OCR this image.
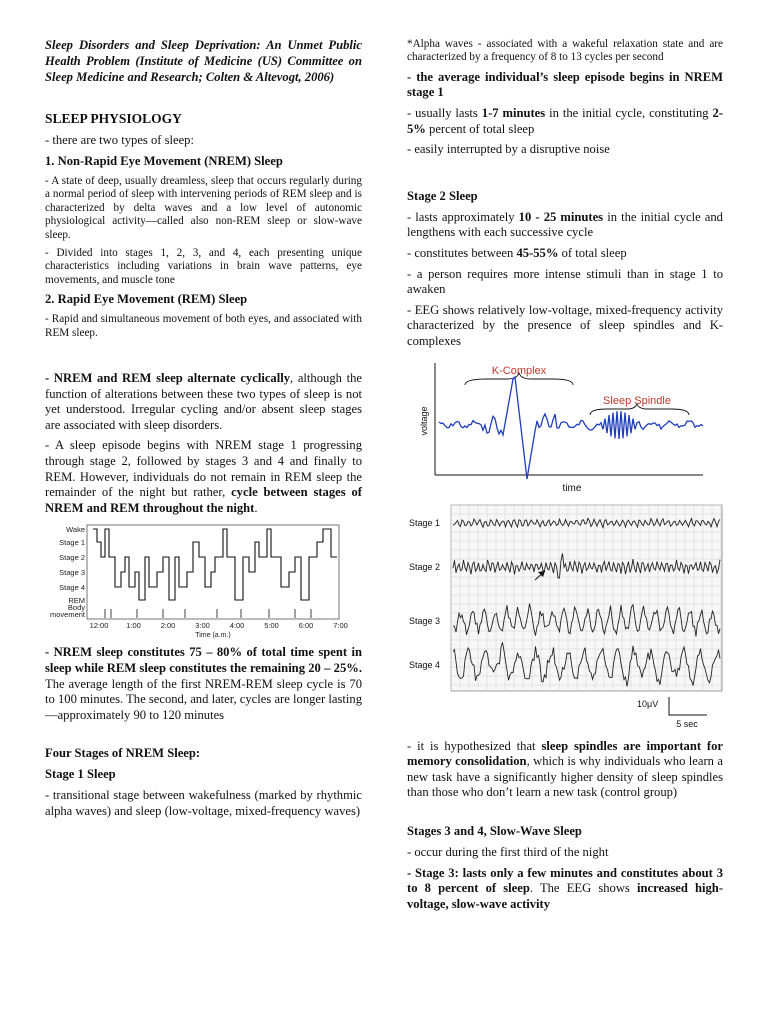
Sleep Disorders and Sleep Deprivation: An Unmet Public Health Problem (Institute of Medicine (US) Committee on Sleep Medicine and Research; Colten & Altevogt, 2006)

SLEEP PHYSIOLOGY

- there are two types of sleep:

1. Non-Rapid Eye Movement (NREM) Sleep

- A state of deep, usually dreamless, sleep that occurs regularly during a normal period of sleep with intervening periods of REM sleep and is characterized by delta waves and a low level of autonomic physiological activity—called also non-REM sleep or slow-wave sleep.

- Divided into stages 1, 2, 3, and 4, each presenting unique characteristics including variations in brain wave patterns, eye movements, and muscle tone

2. Rapid Eye Movement (REM) Sleep

- Rapid and simultaneous movement of both eyes, and associated with REM sleep.

- NREM and REM sleep alternate cyclically, although the function of alterations between these two types of sleep is not yet understood. Irregular cycling and/or absent sleep stages are associated with sleep disorders.

- A sleep episode begins with NREM stage 1 progressing through stage 2, followed by stages 3 and 4 and finally to REM. However, individuals do not remain in REM sleep the remainder of the night but rather, cycle between stages of NREM and REM throughout the night.

Wake
Stage 1
Stage 2
Stage 3
Stage 4
REM
Body
movement
12:00 1:00	2:00	3:00	4:00	5:00	6:00	7:00
Time (a.m.)

- NREM sleep constitutes 75 – 80% of total time spent in sleep while REM sleep constitutes the remaining 20 – 25%. The average length of the first NREM-REM sleep cycle is 70 to 100 minutes. The second, and later, cycles are longer lasting—approximately 90 to 120 minutes

Four Stages of NREM Sleep:
Stage 1 Sleep

- transitional stage between wakefulness (marked by rhythmic alpha waves) and sleep (low-voltage, mixed-frequency waves)

*Alpha waves - associated with a wakeful relaxation state and are characterized by a frequency of 8 to 13 cycles per second

- the average individual’s sleep episode begins in NREM stage 1

- usually lasts 1-7 minutes in the initial cycle, constituting 2-5% percent of total sleep

- easily interrupted by a disruptive noise

Stage 2 Sleep

- lasts approximately 10 - 25 minutes in the initial cycle and lengthens with each successive cycle

- constitutes between 45-55% of total sleep

- a person requires more intense stimuli than in stage 1 to awaken

- EEG shows relatively low-voltage, mixed-frequency activity characterized by the presence of sleep spindles and K-complexes

voltage
time
K-Complex
Sleep Spindle
Stage 1
Stage 2
Stage 3
Stage 4
10μV
5 sec

- it is hypothesized that sleep spindles are important for memory consolidation, which is why individuals who learn a new task have a significantly higher density of sleep spindles than those who don’t learn a new task (control group)

Stages 3 and 4, Slow-Wave Sleep

- occur during the first third of the night

- Stage 3: lasts only a few minutes and constitutes about 3 to 8 percent of sleep. The EEG shows increased high-voltage, slow-wave activity
